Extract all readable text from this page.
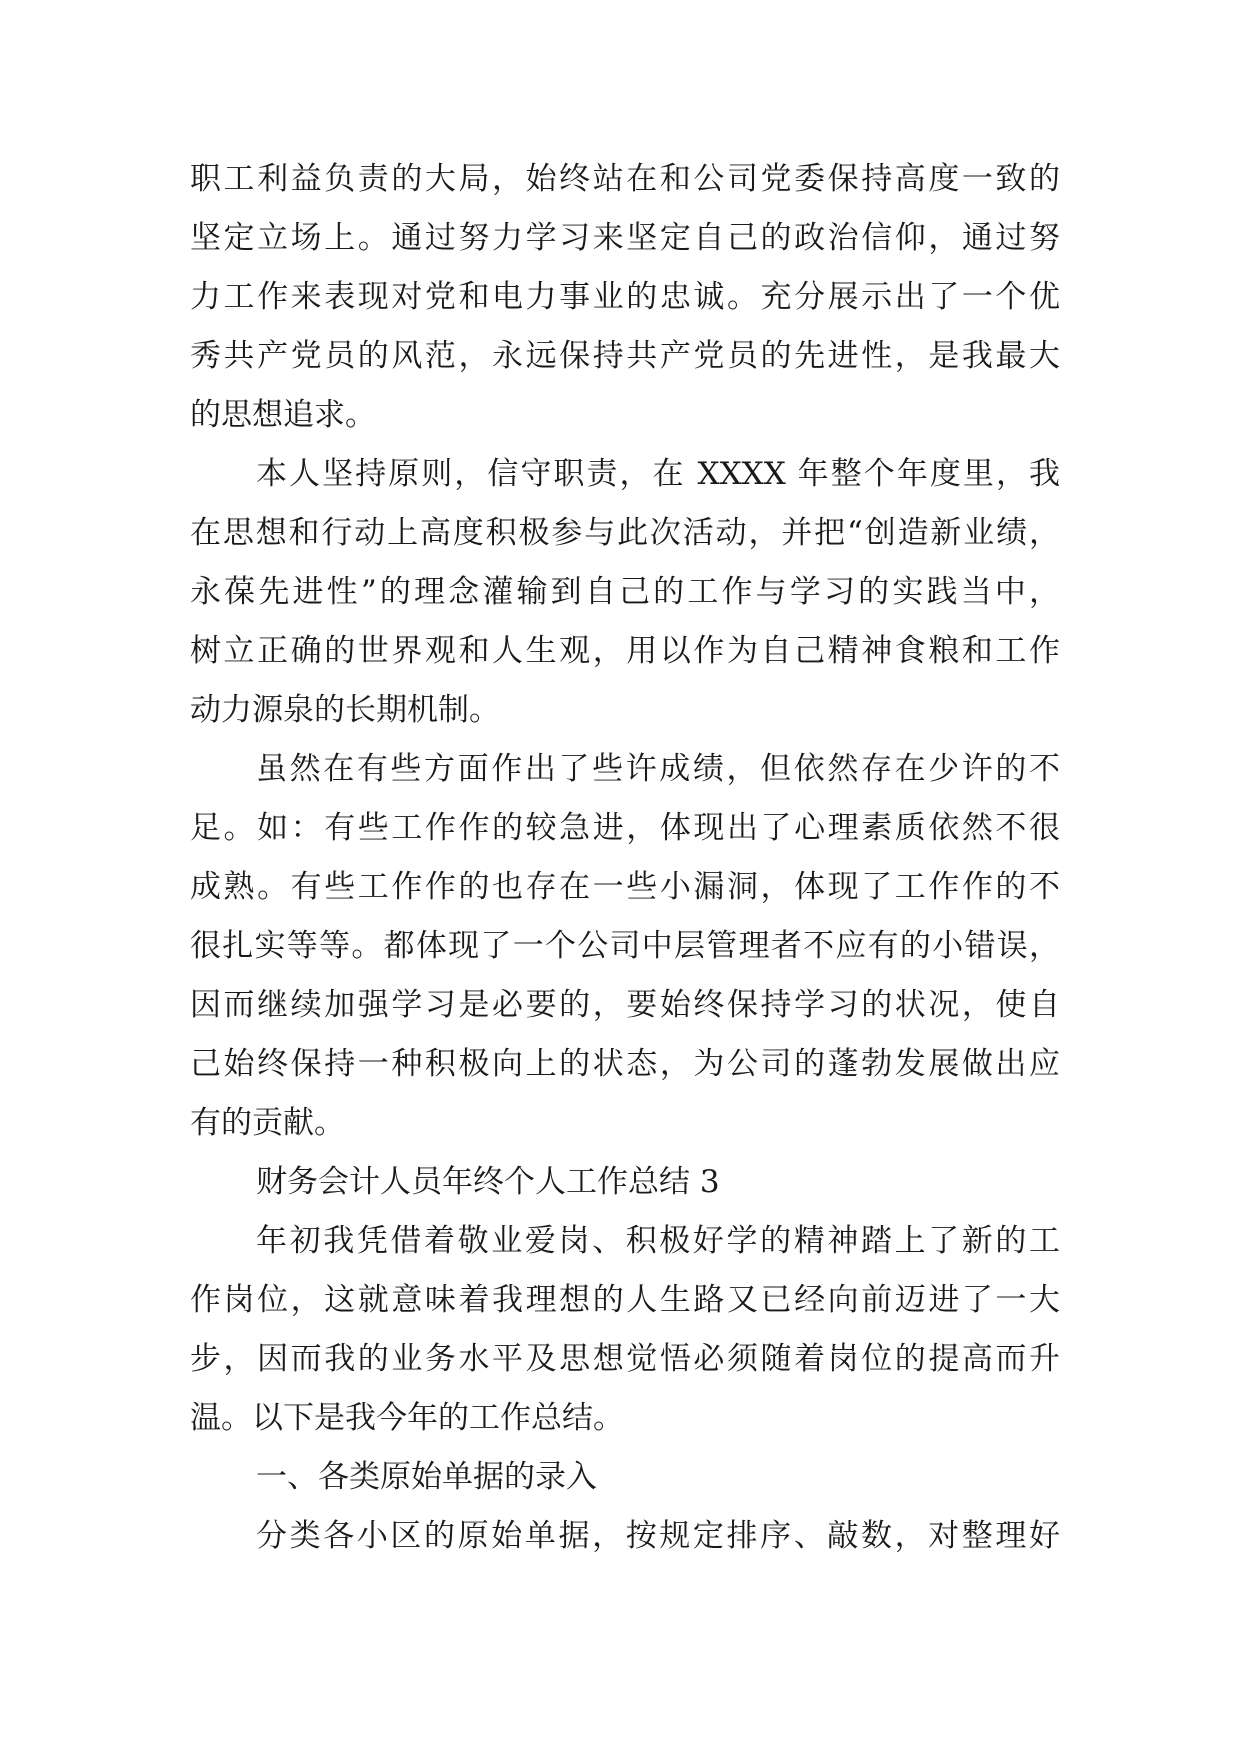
职工利益负责的大局，始终站在和公司党委保持高度一致的
坚定立场上。通过努力学习来坚定自己的政治信仰，通过努
力工作来表现对党和电力事业的忠诚。充分展示出了一个优
秀共产党员的风范，永远保持共产党员的先进性，是我最大
的思想追求。
本人坚持原则，信守职责，在 XXXX 年整个年度里，我
在思想和行动上高度积极参与此次活动，并把“创造新业绩，
永葆先进性”的理念灌输到自己的工作与学习的实践当中，
树立正确的世界观和人生观，用以作为自己精神食粮和工作
动力源泉的长期机制。
虽然在有些方面作出了些许成绩，但依然存在少许的不
足。如：有些工作作的较急进，体现出了心理素质依然不很
成熟。有些工作作的也存在一些小漏洞，体现了工作作的不
很扎实等等。都体现了一个公司中层管理者不应有的小错误，
因而继续加强学习是必要的，要始终保持学习的状况，使自
己始终保持一种积极向上的状态，为公司的蓬勃发展做出应
有的贡献。
财务会计人员年终个人工作总结 3
年初我凭借着敬业爱岗、积极好学的精神踏上了新的工
作岗位，这就意味着我理想的人生路又已经向前迈进了一大
步，因而我的业务水平及思想觉悟必须随着岗位的提高而升
温。以下是我今年的工作总结。
一、各类原始单据的录入
分类各小区的原始单据，按规定排序、敲数，对整理好
